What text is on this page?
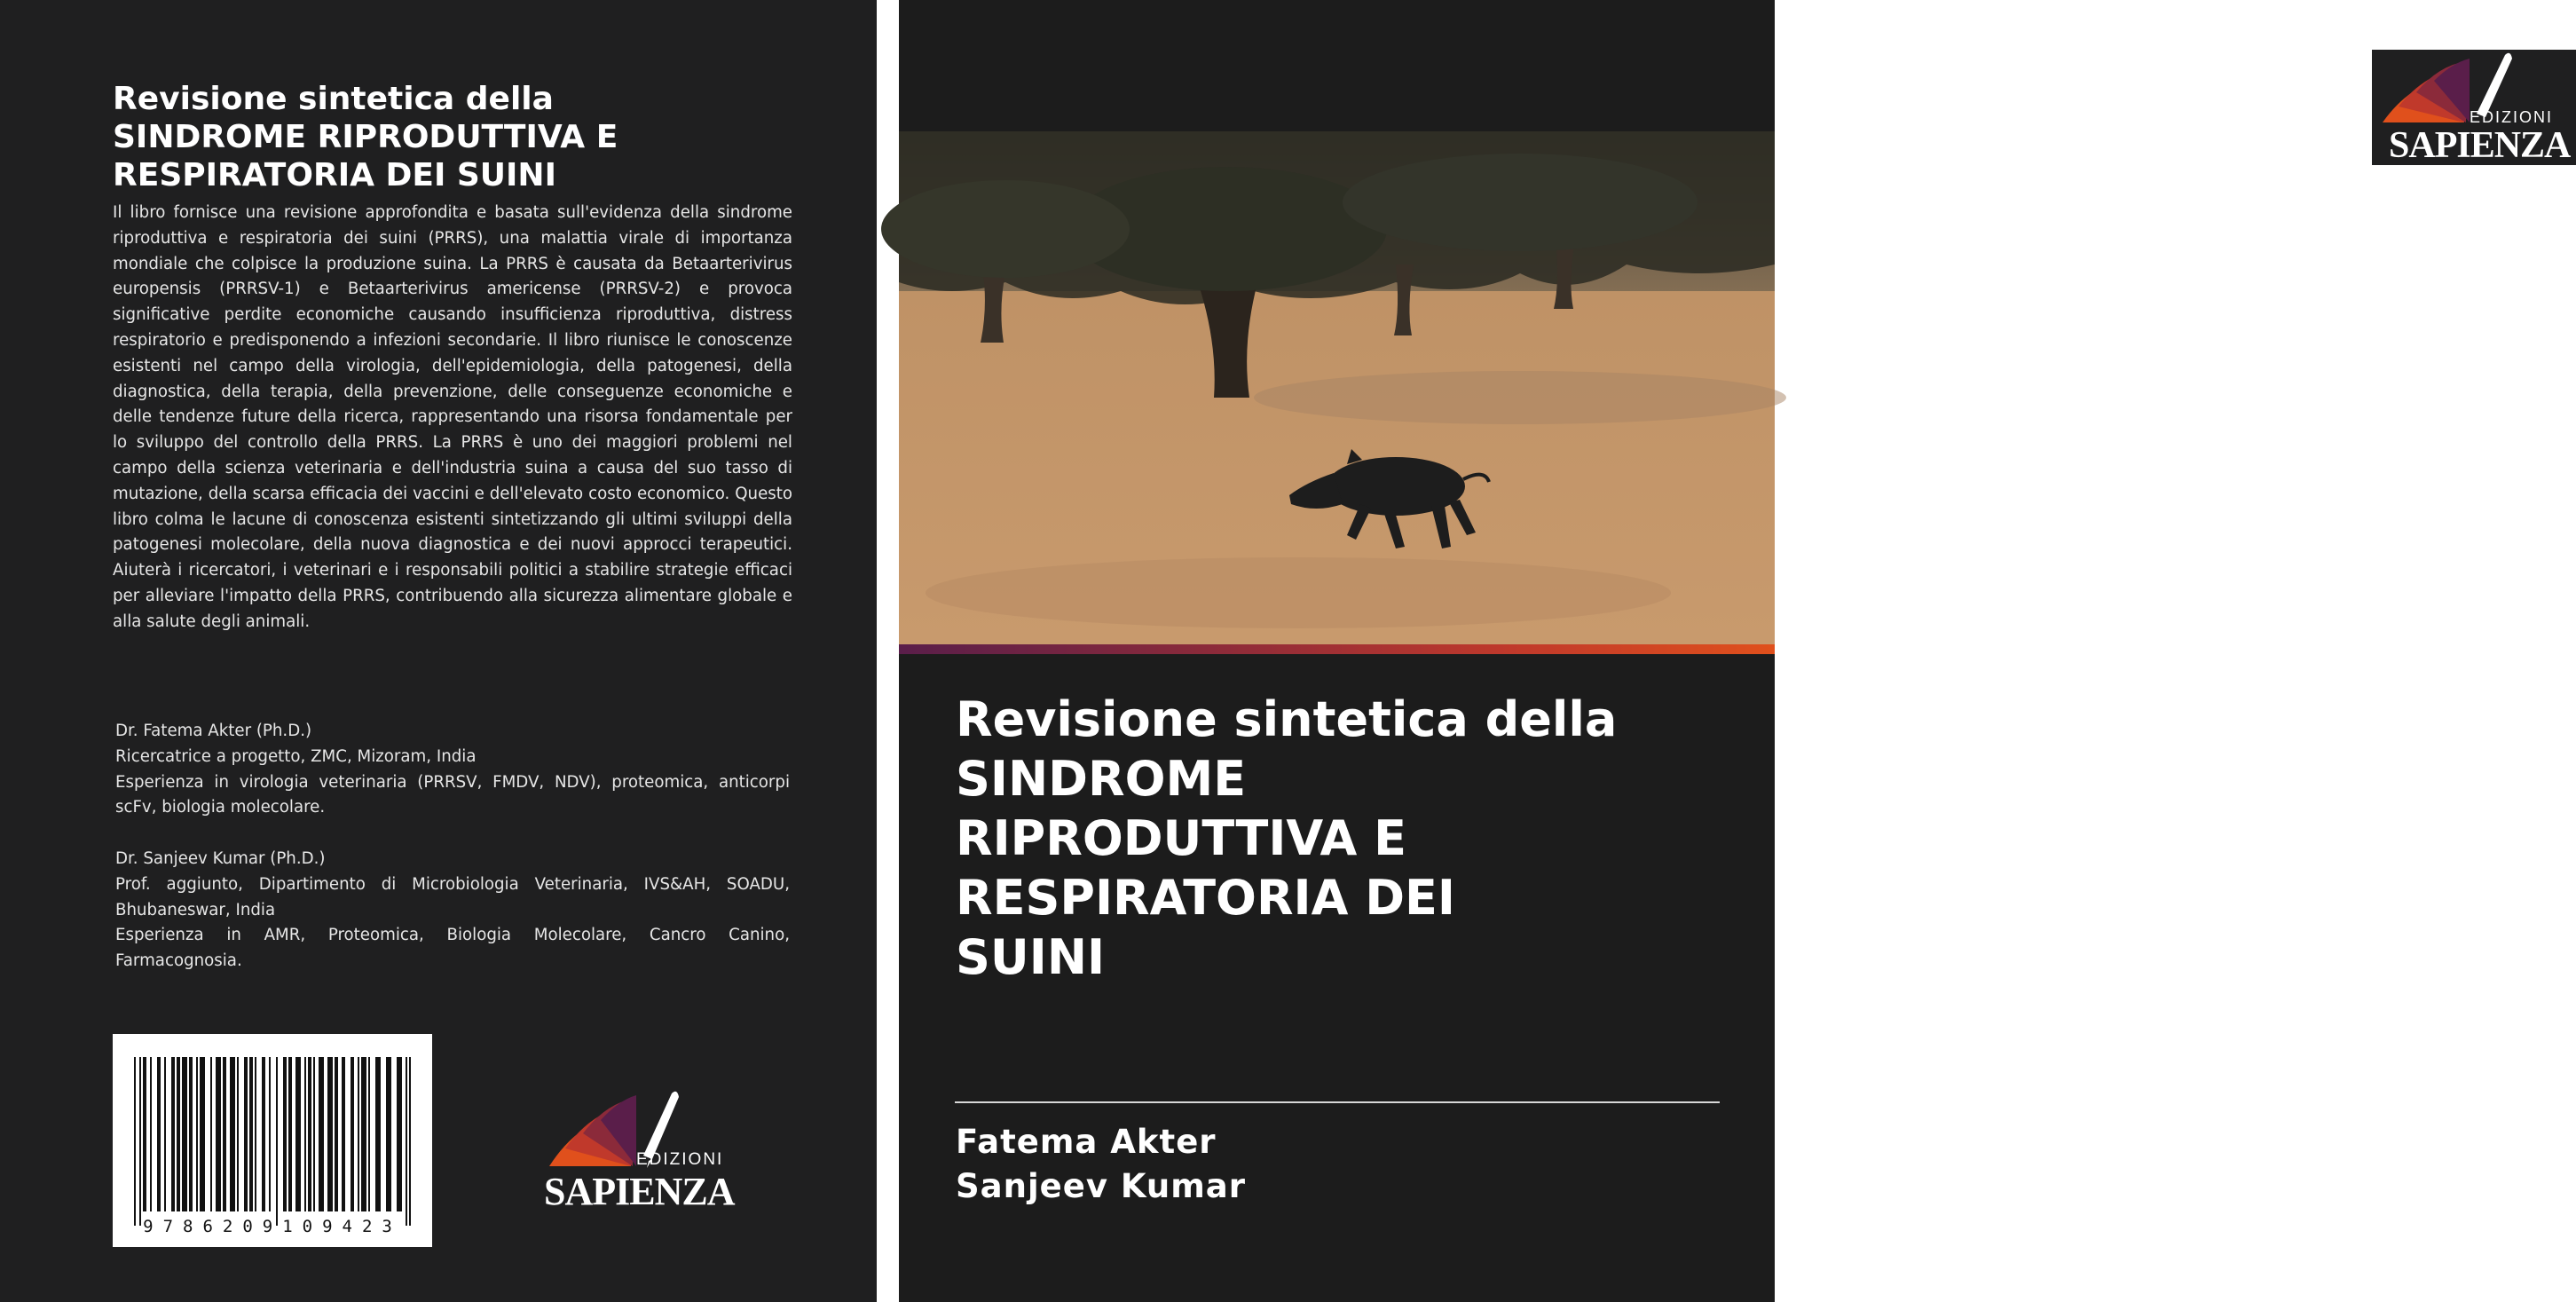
Revisione sintetica della
SINDROME RIPRODUTTIVA E
RESPIRATORIA DEI SUINI

Il libro fornisce una revisione approfondita e basata sull'evidenza della sindrome riproduttiva e respiratoria dei suini (PRRS), una malattia virale di importanza mondiale che colpisce la produzione suina. La PRRS è causata da Betaarterivirus europensis (PRRSV-1) e Betaarterivirus americense (PRRSV-2) e provoca significative perdite economiche causando insufficienza riproduttiva, distress respiratorio e predisponendo a infezioni secondarie. Il libro riunisce le conoscenze esistenti nel campo della virologia, dell'epidemiologia, della patogenesi, della diagnostica, della terapia, della prevenzione, delle conseguenze economiche e delle tendenze future della ricerca, rappresentando una risorsa fondamentale per lo sviluppo del controllo della PRRS. La PRRS è uno dei maggiori problemi nel campo della scienza veterinaria e dell'industria suina a causa del suo tasso di mutazione, della scarsa efficacia dei vaccini e dell'elevato costo economico. Questo libro colma le lacune di conoscenza esistenti sintetizzando gli ultimi sviluppi della patogenesi molecolare, della nuova diagnostica e dei nuovi approcci terapeutici. Aiuterà i ricercatori, i veterinari e i responsabili politici a stabilire strategie efficaci per alleviare l'impatto della PRRS, contribuendo alla sicurezza alimentare globale e alla salute degli animali.

Dr. Fatema Akter (Ph.D.)

Ricercatrice a progetto, ZMC, Mizoram, India

Esperienza in virologia veterinaria (PRRSV, FMDV, NDV), proteomica, anticorpi scFv, biologia molecolare.

Dr. Sanjeev Kumar (Ph.D.)

Prof. aggiunto, Dipartimento di Microbiologia Veterinaria, IVS&AH, SOADU, Bhubaneswar, India

Esperienza in AMR, Proteomica, Biologia Molecolare, Cancro Canino, Farmacognosia.

9786209109423
EDIZIONI
SAPIENZA
EDIZIONI
SAPIENZA
Revisione sintetica della
SINDROME
RIPRODUTTIVA E
RESPIRATORIA DEI
SUINI
Fatema Akter
Sanjeev Kumar
